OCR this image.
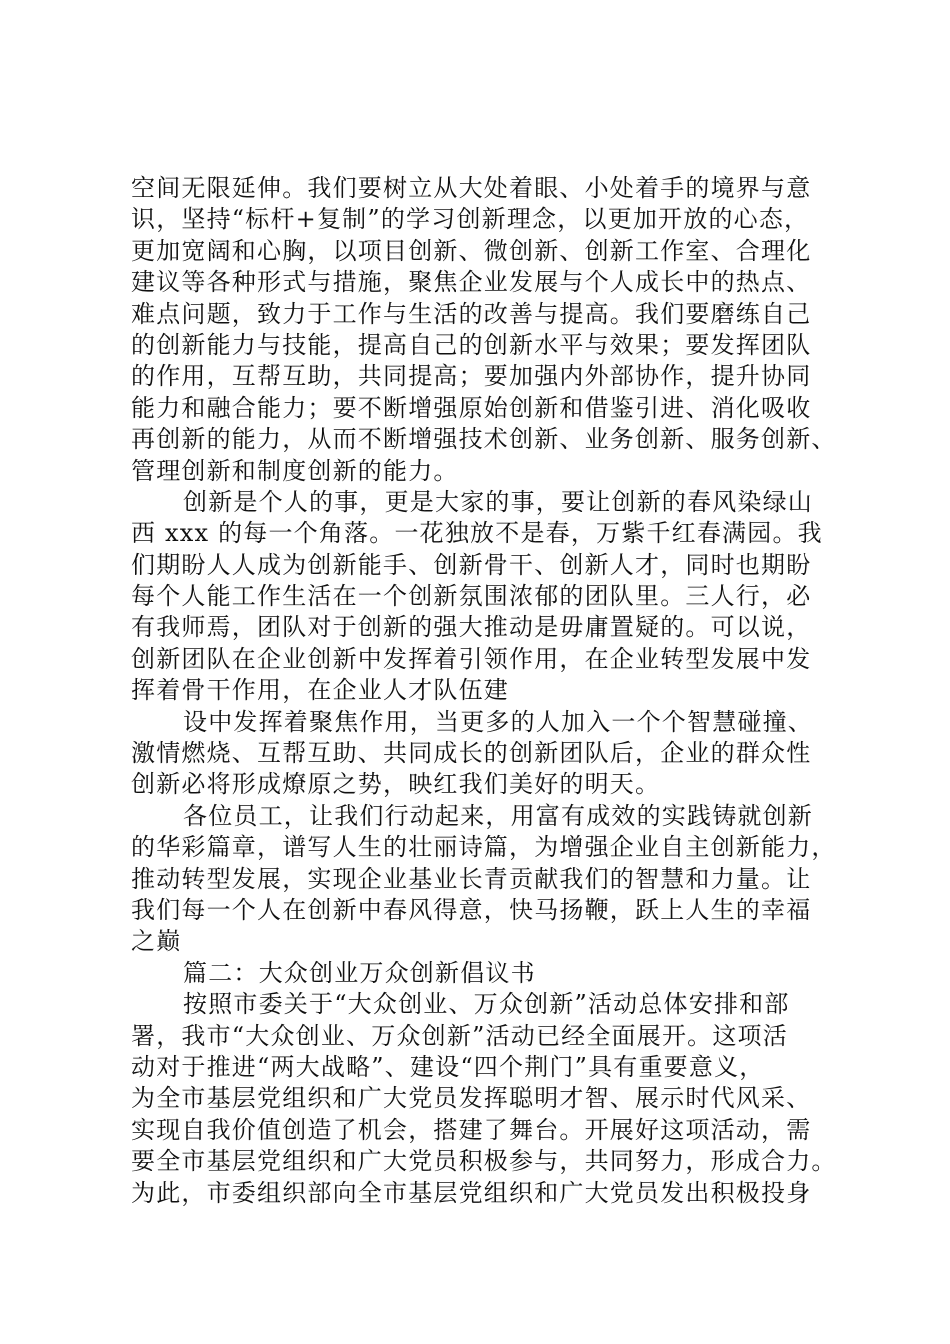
空间无限延伸。我们要树立从大处着眼、小处着手的境界与意
识，坚持“标杆+复制”的学习创新理念，以更加开放的心态，
更加宽阔和心胸，以项目创新、微创新、创新工作室、合理化
建议等各种形式与措施，聚焦企业发展与个人成长中的热点、
难点问题，致力于工作与生活的改善与提高。我们要磨练自己
的创新能力与技能，提高自己的创新水平与效果；要发挥团队
的作用，互帮互助，共同提高；要加强内外部协作，提升协同
能力和融合能力；要不断增强原始创新和借鉴引进、消化吸收
再创新的能力，从而不断增强技术创新、业务创新、服务创新、
管理创新和制度创新的能力。
创新是个人的事，更是大家的事，要让创新的春风染绿山
西 xxx 的每一个角落。一花独放不是春，万紫千红春满园。我
们期盼人人成为创新能手、创新骨干、创新人才，同时也期盼
每个人能工作生活在一个创新氛围浓郁的团队里。三人行，必
有我师焉，团队对于创新的强大推动是毋庸置疑的。可以说，
创新团队在企业创新中发挥着引领作用，在企业转型发展中发
挥着骨干作用，在企业人才队伍建
设中发挥着聚焦作用，当更多的人加入一个个智慧碰撞、
激情燃烧、互帮互助、共同成长的创新团队后，企业的群众性
创新必将形成燎原之势，映红我们美好的明天。
各位员工，让我们行动起来，用富有成效的实践铸就创新
的华彩篇章，谱写人生的壮丽诗篇，为增强企业自主创新能力，
推动转型发展，实现企业基业长青贡献我们的智慧和力量。让
我们每一个人在创新中春风得意，快马扬鞭，跃上人生的幸福
之巅
篇二：大众创业万众创新倡议书
按照市委关于“大众创业、万众创新”活动总体安排和部
署，我市“大众创业、万众创新”活动已经全面展开。这项活
动对于推进“两大战略”、建设“四个荆门”具有重要意义，
为全市基层党组织和广大党员发挥聪明才智、展示时代风采、
实现自我价值创造了机会，搭建了舞台。开展好这项活动，需
要全市基层党组织和广大党员积极参与，共同努力，形成合力。
为此，市委组织部向全市基层党组织和广大党员发出积极投身
